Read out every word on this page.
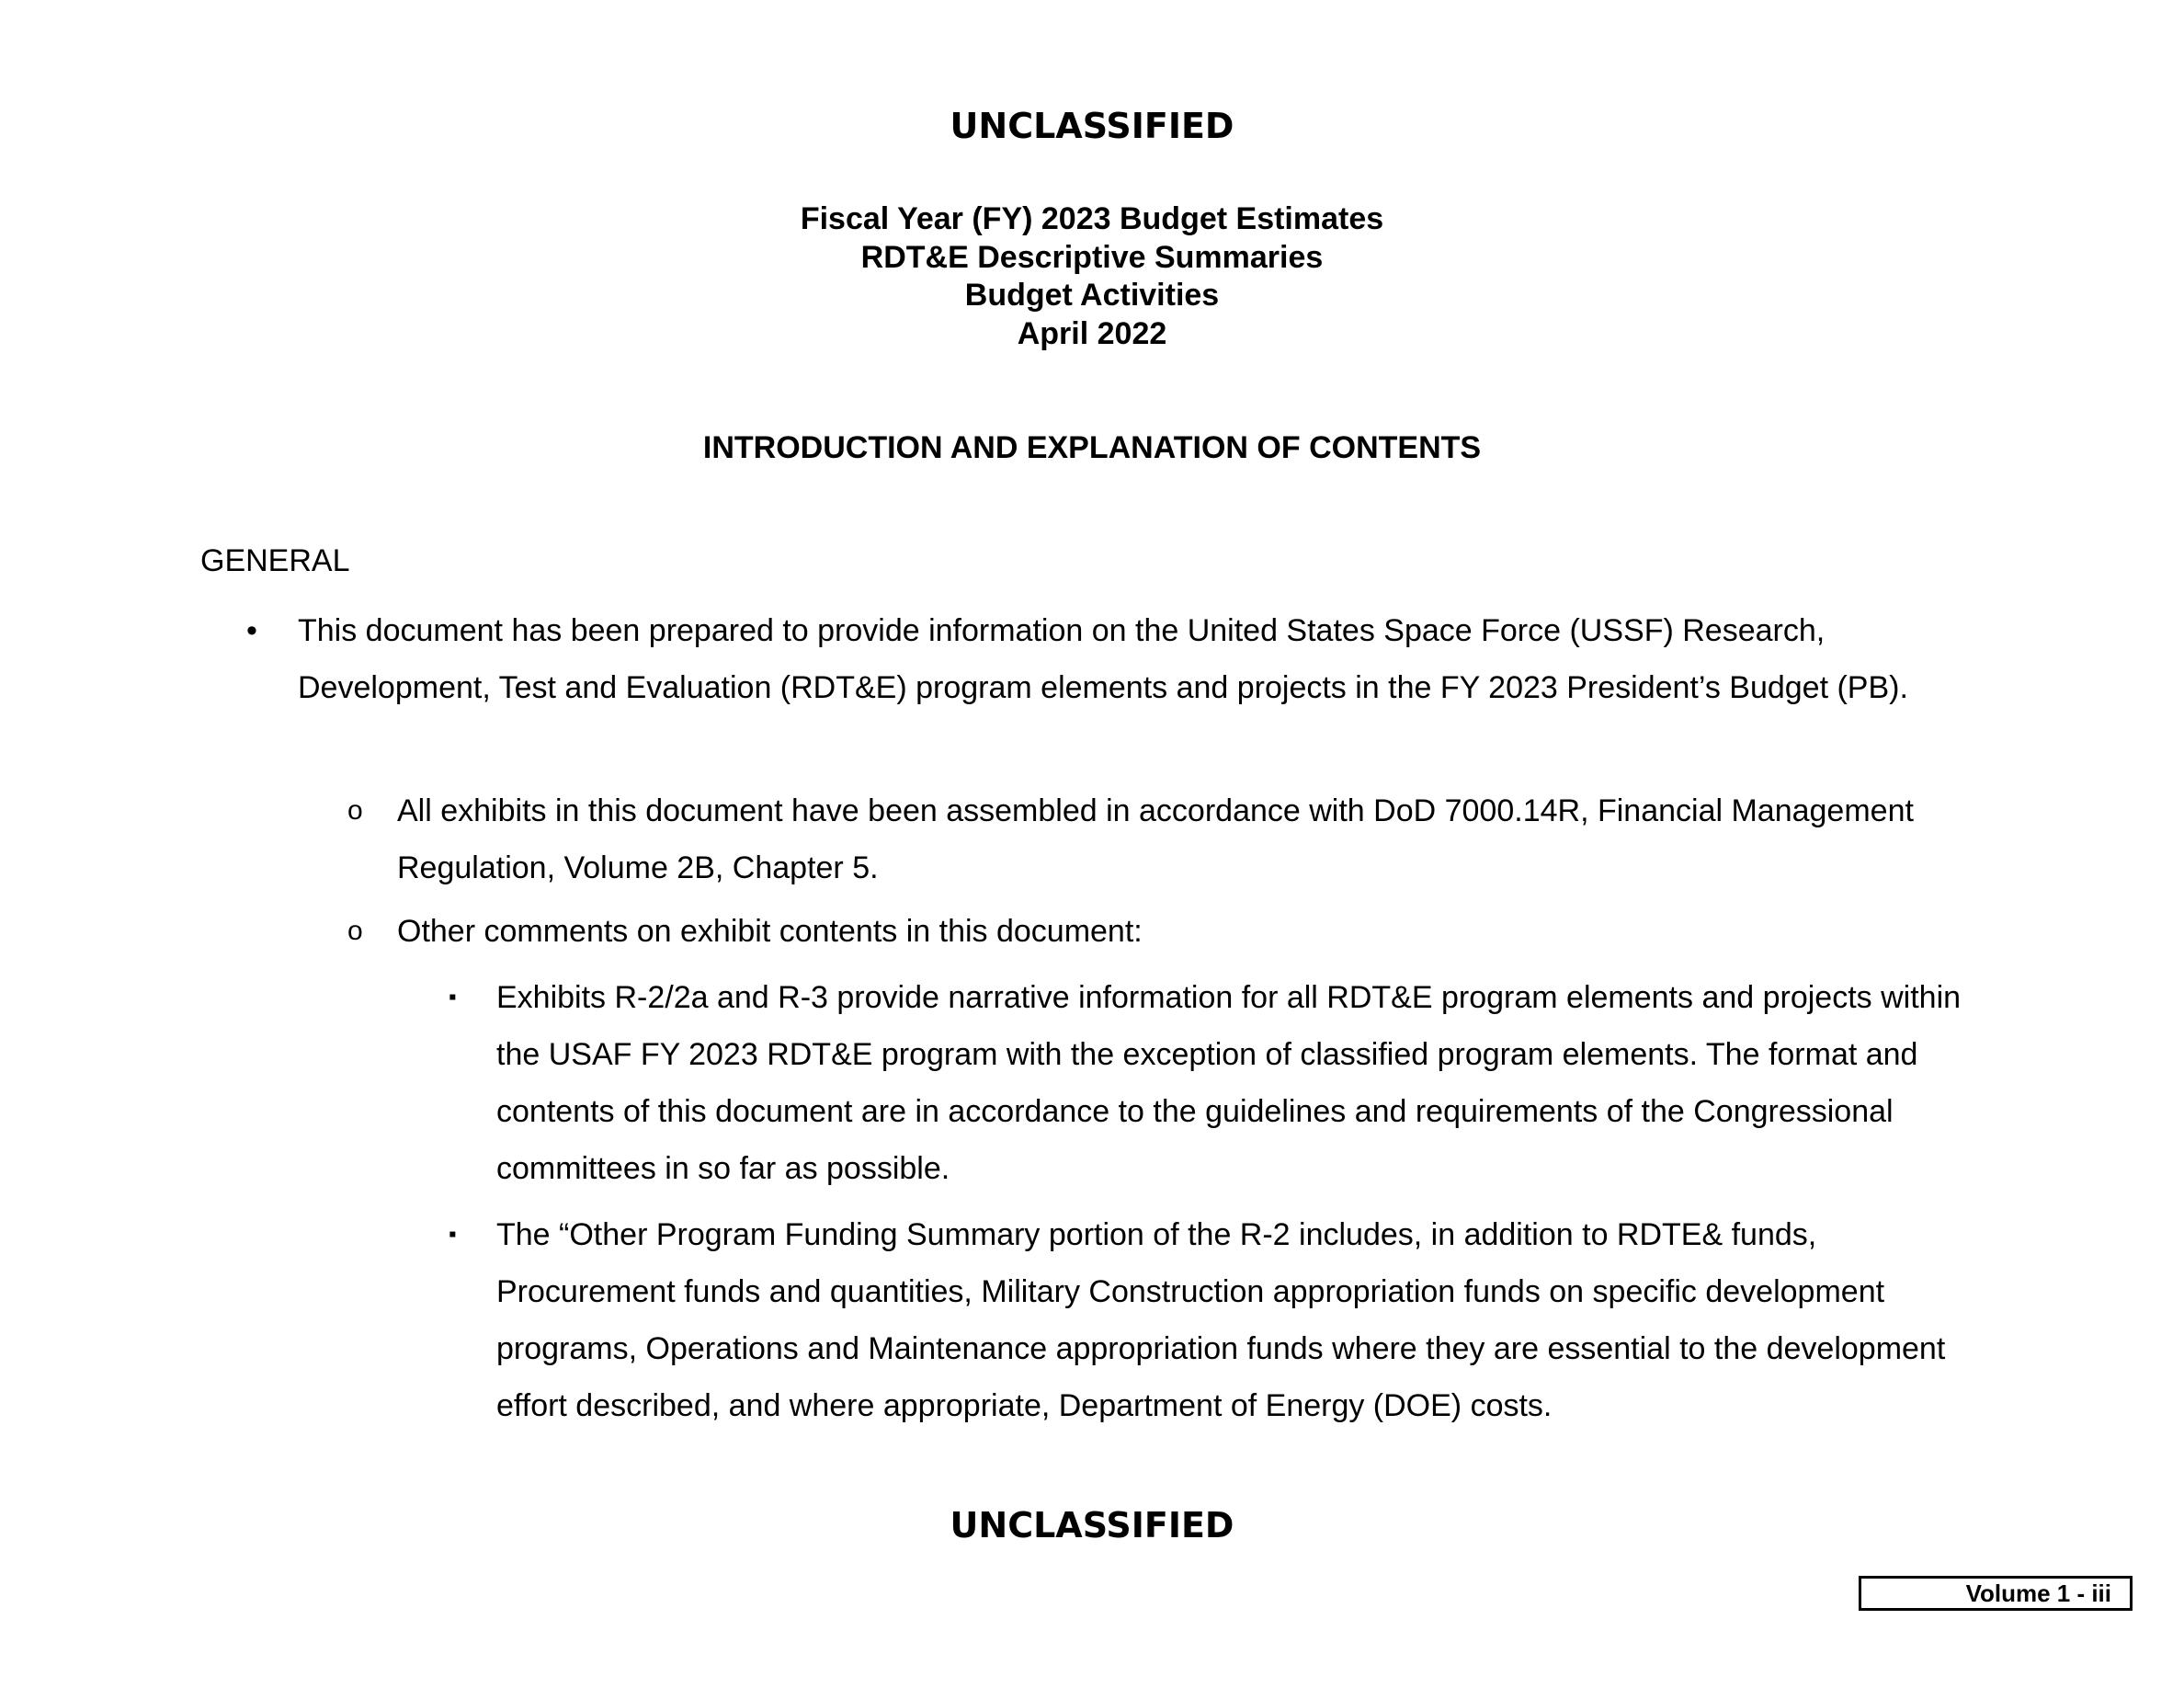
UNCLASSIFIED
Fiscal Year (FY) 2023 Budget Estimates
RDT&E Descriptive Summaries
Budget Activities
April 2022
INTRODUCTION AND EXPLANATION OF CONTENTS
GENERAL
• This document has been prepared to provide information on the United States Space Force (USSF) Research, Development, Test and Evaluation (RDT&E) program elements and projects in the FY 2023 President’s Budget (PB).
o All exhibits in this document have been assembled in accordance with DoD 7000.14R, Financial Management Regulation, Volume 2B, Chapter 5.
o Other comments on exhibit contents in this document:
▪ Exhibits R-2/2a and R-3 provide narrative information for all RDT&E program elements and projects within the USAF FY 2023 RDT&E program with the exception of classified program elements. The format and contents of this document are in accordance to the guidelines and requirements of the Congressional committees in so far as possible.
▪ The “Other Program Funding Summary portion of the R-2 includes, in addition to RDTE& funds, Procurement funds and quantities, Military Construction appropriation funds on specific development programs, Operations and Maintenance appropriation funds where they are essential to the development effort described, and where appropriate, Department of Energy (DOE) costs.
UNCLASSIFIED
Volume 1 - iii
